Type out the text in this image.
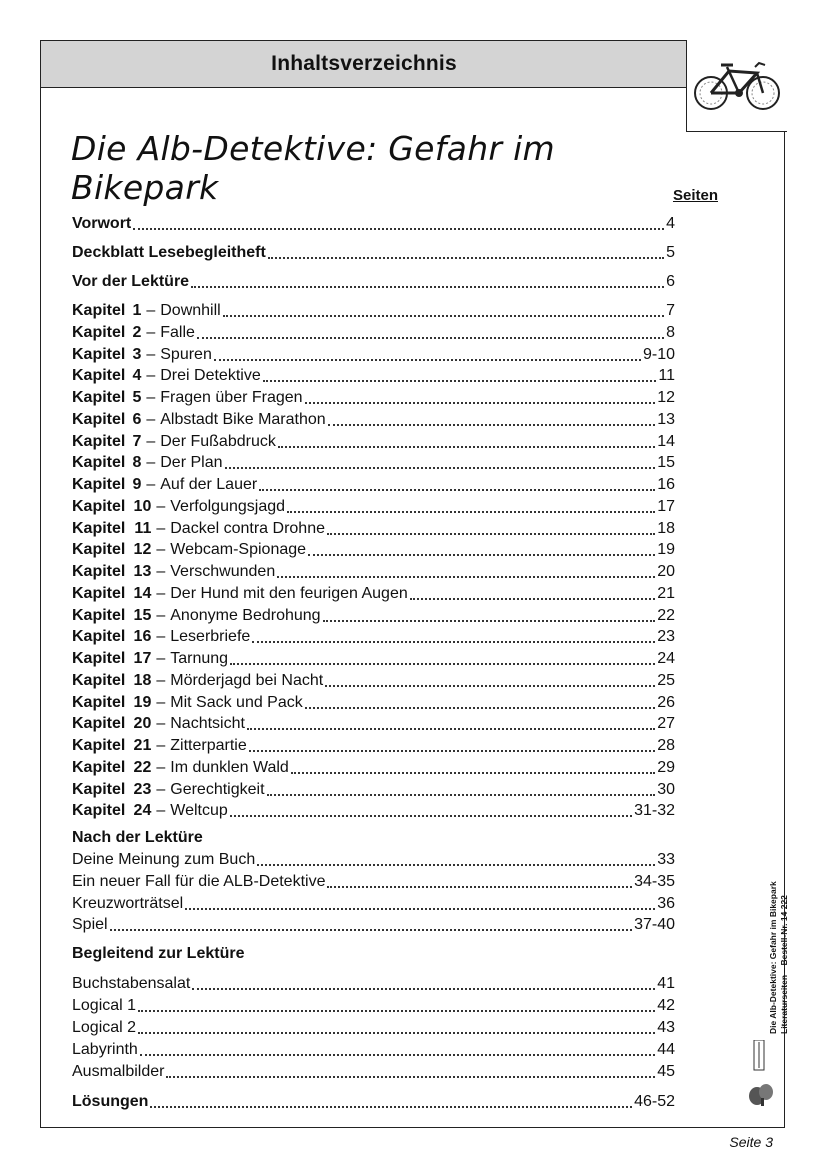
Inhaltsverzeichnis
Die Alb-Detektive: Gefahr im Bikepark	Seiten
Vorwort	4
Deckblatt Lesebegleitheft	5
Vor der Lektüre	6
Kapitel 1 – Downhill	7
Kapitel 2 – Falle	8
Kapitel 3 – Spuren	9-10
Kapitel 4 – Drei Detektive	11
Kapitel 5 – Fragen über Fragen	12
Kapitel 6 – Albstadt Bike Marathon	13
Kapitel 7 – Der Fußabdruck	14
Kapitel 8 – Der Plan	15
Kapitel 9 – Auf der Lauer	16
Kapitel 10 – Verfolgungsjagd	17
Kapitel 11 – Dackel contra Drohne	18
Kapitel 12 – Webcam-Spionage	19
Kapitel 13 – Verschwunden	20
Kapitel 14 – Der Hund mit den feurigen Augen	21
Kapitel 15 – Anonyme Bedrohung	22
Kapitel 16 – Leserbriefe	23
Kapitel 17 – Tarnung	24
Kapitel 18 – Mörderjagd bei Nacht	25
Kapitel 19 – Mit Sack und Pack	26
Kapitel 20 – Nachtsicht	27
Kapitel 21 – Zitterpartie	28
Kapitel 22 – Im dunklen Wald	29
Kapitel 23 – Gerechtigkeit	30
Kapitel 24 – Weltcup	31-32
Nach der Lektüre
Deine Meinung zum Buch	33
Ein neuer Fall für die ALB-Detektive	34-35
Kreuzworträtsel	36
Spiel	37-40
Begleitend zur Lektüre
Buchstabensalat	41
Logical 1	42
Logical 2	43
Labyrinth	44
Ausmalbilder	45
Lösungen	46-52
Die Alb-Detektive: Gefahr im Bikepark Literaturseiten – Bestell-Nr. 14 222
Seite 3
